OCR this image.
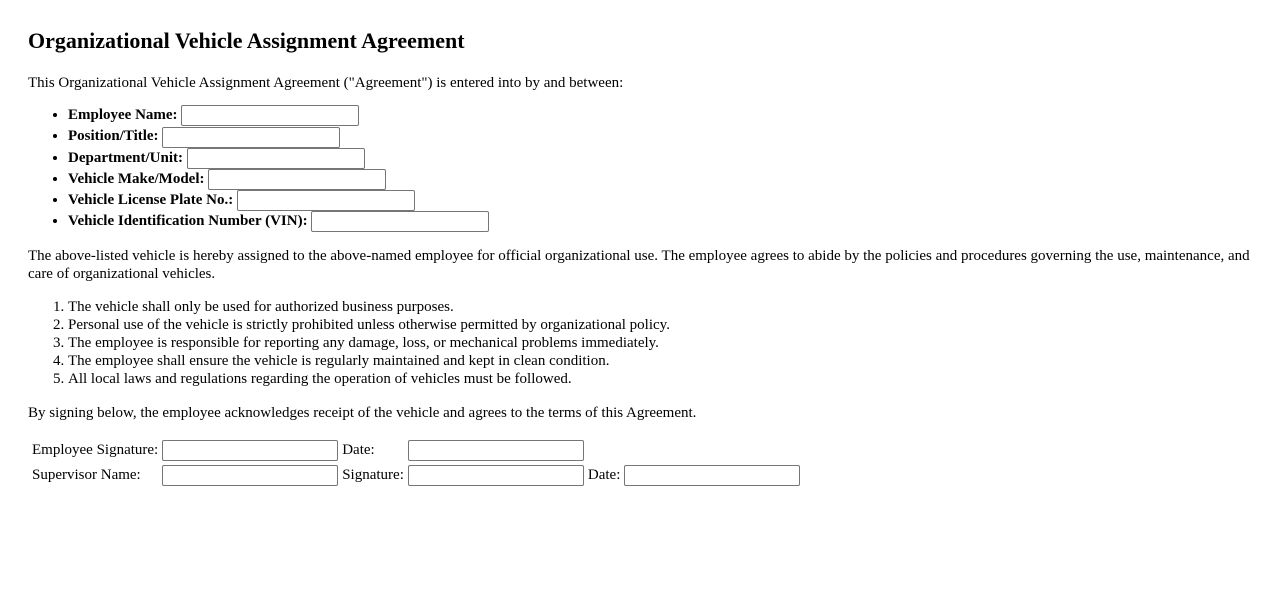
Organizational Vehicle Assignment Agreement

This Organizational Vehicle Assignment Agreement ("Agreement") is entered into by and between:

• Employee Name:
• Position/Title:
• Department/Unit:
• Vehicle Make/Model:
• Vehicle License Plate No.:
• Vehicle Identification Number (VIN):

The above-listed vehicle is hereby assigned to the above-named employee for official organizational use. The employee agrees to abide by the policies and procedures governing the use, maintenance, and care of organizational vehicles.

1. The vehicle shall only be used for authorized business purposes.
2. Personal use of the vehicle is strictly prohibited unless otherwise permitted by organizational policy.
3. The employee is responsible for reporting any damage, loss, or mechanical problems immediately.
4. The employee shall ensure the vehicle is regularly maintained and kept in clean condition.
5. All local laws and regulations regarding the operation of vehicles must be followed.

By signing below, the employee acknowledges receipt of the vehicle and agrees to the terms of this Agreement.

Employee Signature:		Date:			
Supervisor Name:		Signature:		Date:	
